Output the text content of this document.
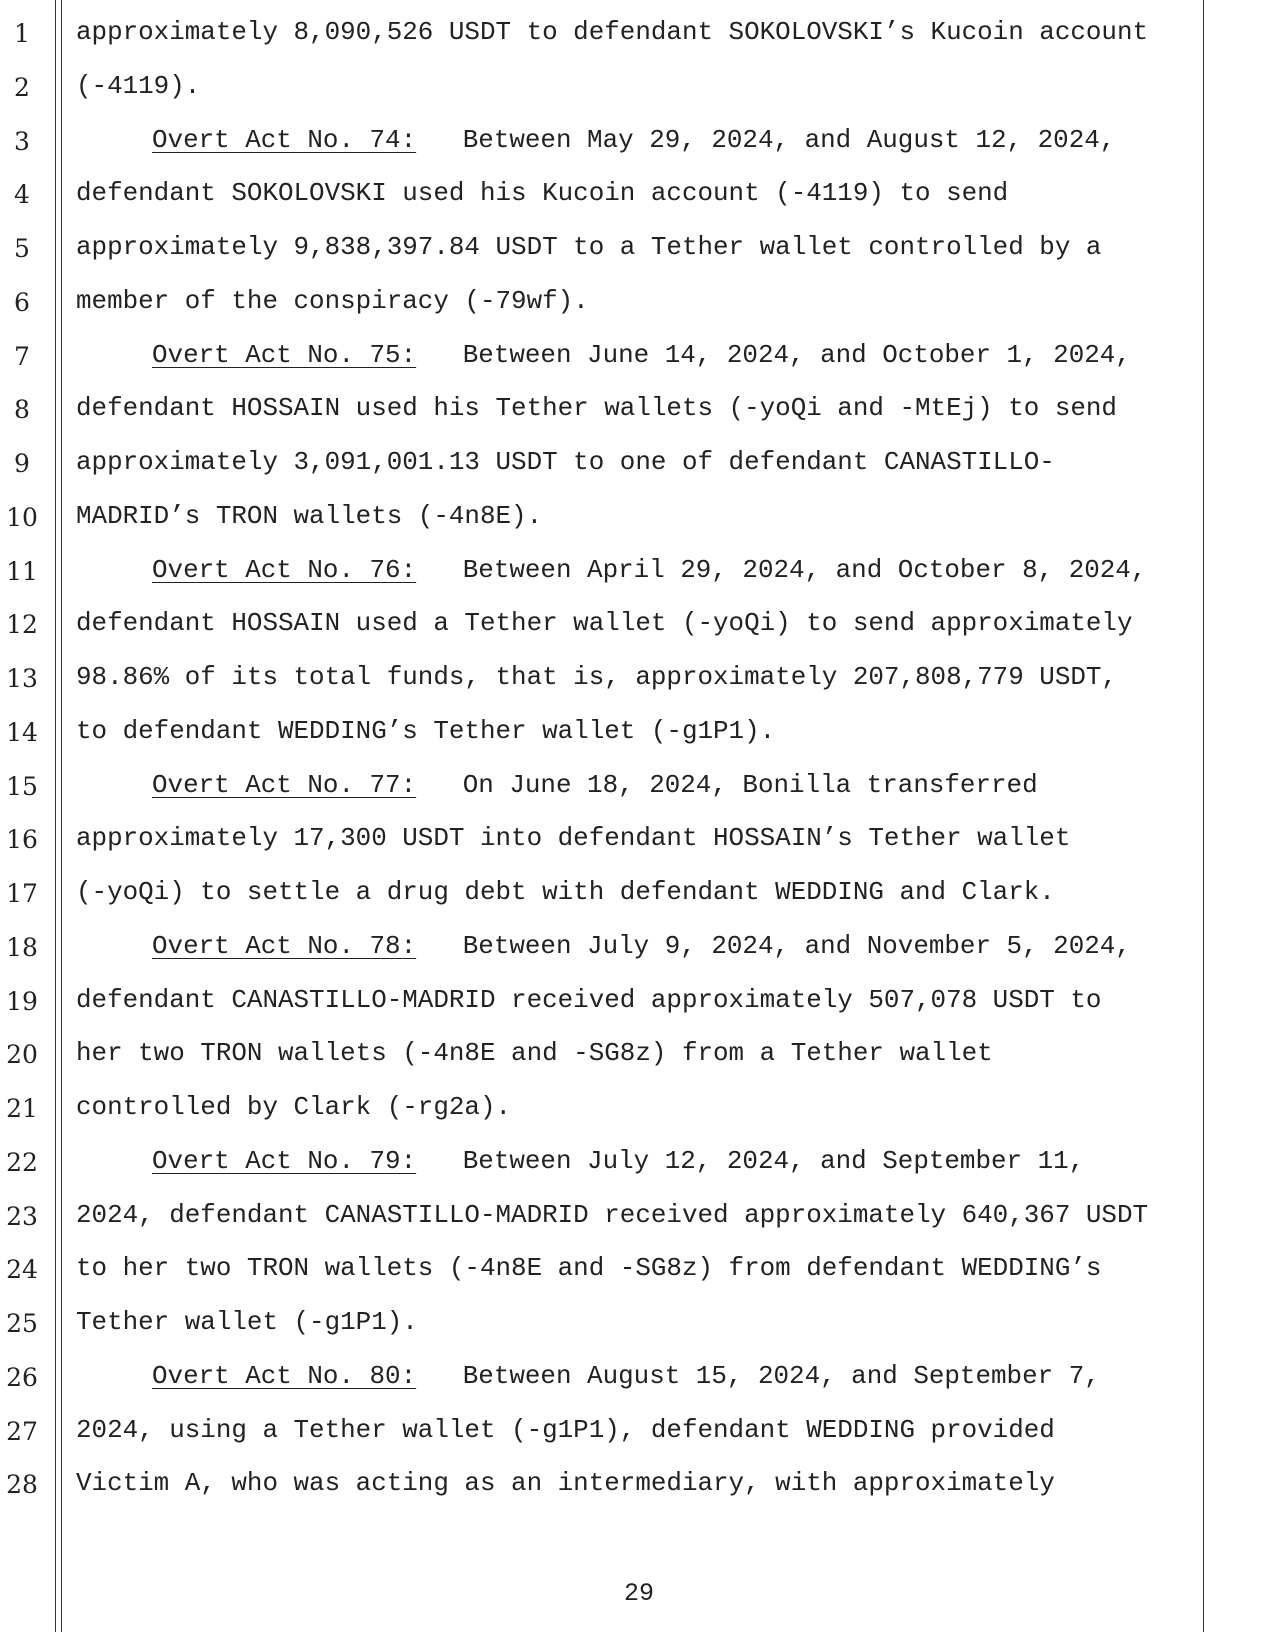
1
2
3
4
5
6
7
8
9
10
11
12
13
14
15
16
17
18
19
20
21
22
23
24
25
26
27
28
approximately 8,090,526 USDT to defendant SOKOLOVSKI’s Kucoin account
(-4119).
Overt Act No. 74:   Between May 29, 2024, and August 12, 2024,
defendant SOKOLOVSKI used his Kucoin account (-4119) to send
approximately 9,838,397.84 USDT to a Tether wallet controlled by a
member of the conspiracy (-79wf).
Overt Act No. 75:   Between June 14, 2024, and October 1, 2024,
defendant HOSSAIN used his Tether wallets (-yoQi and -MtEj) to send
approximately 3,091,001.13 USDT to one of defendant CANASTILLO-
MADRID’s TRON wallets (-4n8E).
Overt Act No. 76:   Between April 29, 2024, and October 8, 2024,
defendant HOSSAIN used a Tether wallet (-yoQi) to send approximately
98.86% of its total funds, that is, approximately 207,808,779 USDT,
to defendant WEDDING’s Tether wallet (-g1P1).
Overt Act No. 77:   On June 18, 2024, Bonilla transferred
approximately 17,300 USDT into defendant HOSSAIN’s Tether wallet
(-yoQi) to settle a drug debt with defendant WEDDING and Clark.
Overt Act No. 78:   Between July 9, 2024, and November 5, 2024,
defendant CANASTILLO-MADRID received approximately 507,078 USDT to
her two TRON wallets (-4n8E and -SG8z) from a Tether wallet
controlled by Clark (-rg2a).
Overt Act No. 79:   Between July 12, 2024, and September 11,
2024, defendant CANASTILLO-MADRID received approximately 640,367 USDT
to her two TRON wallets (-4n8E and -SG8z) from defendant WEDDING’s
Tether wallet (-g1P1).
Overt Act No. 80:   Between August 15, 2024, and September 7,
2024, using a Tether wallet (-g1P1), defendant WEDDING provided
Victim A, who was acting as an intermediary, with approximately
29
